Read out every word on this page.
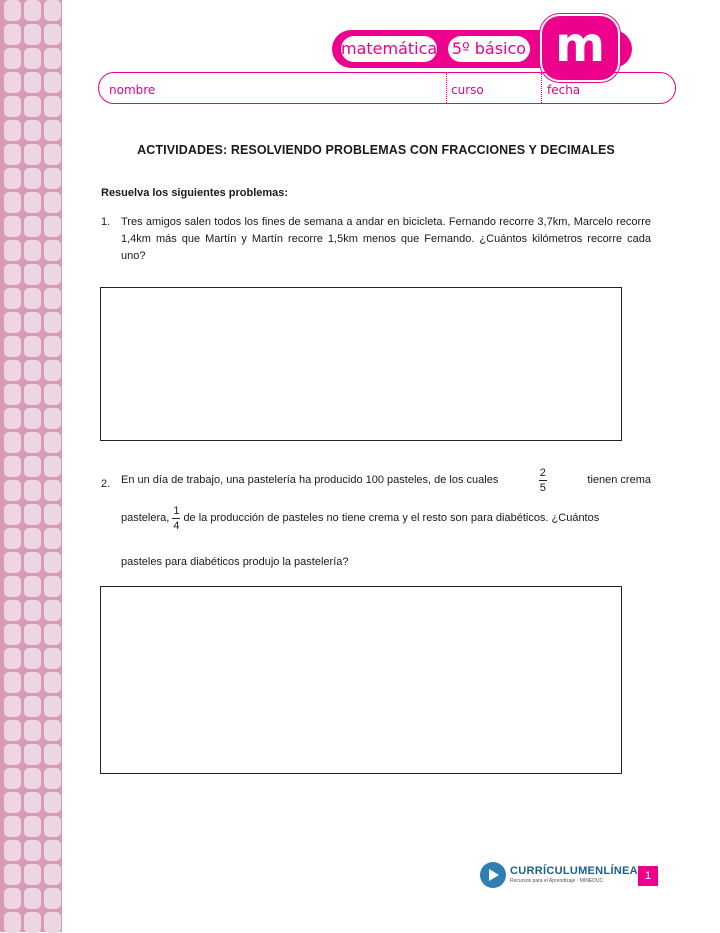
matemática 5º básico m
nombre	curso	fecha
ACTIVIDADES: RESOLVIENDO PROBLEMAS CON FRACCIONES Y DECIMALES
Resuelva los siguientes problemas:
1. Tres amigos salen todos los fines de semana a andar en bicicleta. Fernando recorre 3,7km, Marcelo recorre 1,4km más que Martín y Martín recorre 1,5km menos que Fernando. ¿Cuántos kilómetros recorre cada uno?
2. En un día de trabajo, una pastelería ha producido 100 pasteles, de los cuales	$\frac{2}{5}$	tienen crema
pastelera, $\frac{1}{4}$ de la producción de pasteles no tiene crema y el resto son para diabéticos. ¿Cuántos
pasteles para diabéticos produjo la pastelería?
CURRÍCULUMENLÍNEA
Recursos para el Aprendizaje · MINEDUC	1
